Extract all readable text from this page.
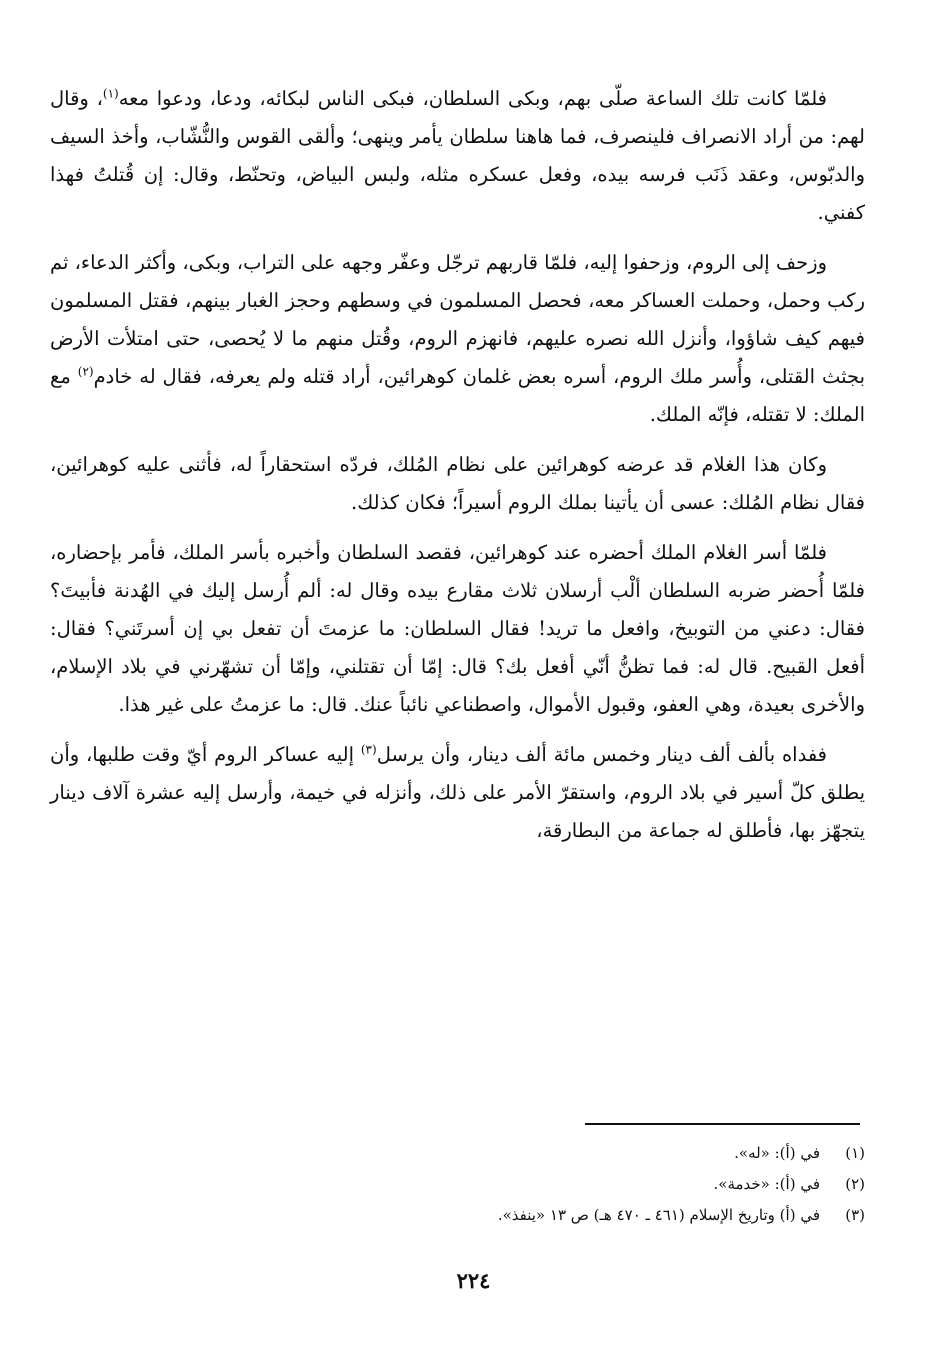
فلمّا كانت تلك الساعة صلّى بهم، وبكى السلطان، فبكى الناس لبكائه، ودعا، ودعوا معه$^{(١)}$، وقال لهم: من أراد الانصراف فلينصرف، فما هاهنا سلطان يأمر وينهى؛ وألقى القوس والنُّشّاب، وأخذ السيف والدبّوس، وعقد ذَنَب فرسه بيده، وفعل عسكره مثله، ولبس البياض، وتحنّط، وقال: إن قُتلتُ فهذا كفني.

وزحف إلى الروم، وزحفوا إليه، فلمّا قاربهم ترجّل وعفّر وجهه على التراب، وبكى، وأكثر الدعاء، ثم ركب وحمل، وحملت العساكر معه، فحصل المسلمون في وسطهم وحجز الغبار بينهم، فقتل المسلمون فيهم كيف شاؤوا، وأنزل الله نصره عليهم، فانهزم الروم، وقُتل منهم ما لا يُحصى، حتى امتلأت الأرض بجثث القتلى، وأُسر ملك الروم، أسره بعض غلمان كوهرائين، أراد قتله ولم يعرفه، فقال له خادم$^{(٢)}$ مع الملك: لا تقتله، فإنّه الملك.

وكان هذا الغلام قد عرضه كوهرائين على نظام المُلك، فردّه استحقاراً له، فأثنى عليه كوهرائين، فقال نظام المُلك: عسى أن يأتينا بملك الروم أسيراً؛ فكان كذلك.

فلمّا أسر الغلام الملك أحضره عند كوهرائين، فقصد السلطان وأخبره بأسر الملك، فأمر بإحضاره، فلمّا أُحضر ضربه السلطان ألْب أرسلان ثلاث مقارع بيده وقال له: ألم أُرسل إليك في الهُدنة فأبيتَ؟ فقال: دعني من التوبيخ، وافعل ما تريد! فقال السلطان: ما عزمتَ أن تفعل بي إن أسرتَني؟ فقال: أفعل القبيح. قال له: فما تظنُّ أنّي أفعل بك؟ قال: إمّا أن تقتلني، وإمّا أن تشهّرني في بلاد الإسلام، والأخرى بعيدة، وهي العفو، وقبول الأموال، واصطناعي نائباً عنك. قال: ما عزمتُ على غير هذا.

ففداه بألف ألف دينار وخمس مائة ألف دينار، وأن يرسل$^{(٣)}$ إليه عساكر الروم أيّ وقت طلبها، وأن يطلق كلّ أسير في بلاد الروم، واستقرّ الأمر على ذلك، وأنزله في خيمة، وأرسل إليه عشرة آلاف دينار يتجهّز بها، فأطلق له جماعة من البطارقة،

(١)
في (أ): «له».
(٢)
في (أ): «خدمة».
(٣)
في (أ) وتاريخ الإسلام (٤٦١ ـ ٤٧٠ هـ) ص ١٣ «ينفذ».
٢٢٤
